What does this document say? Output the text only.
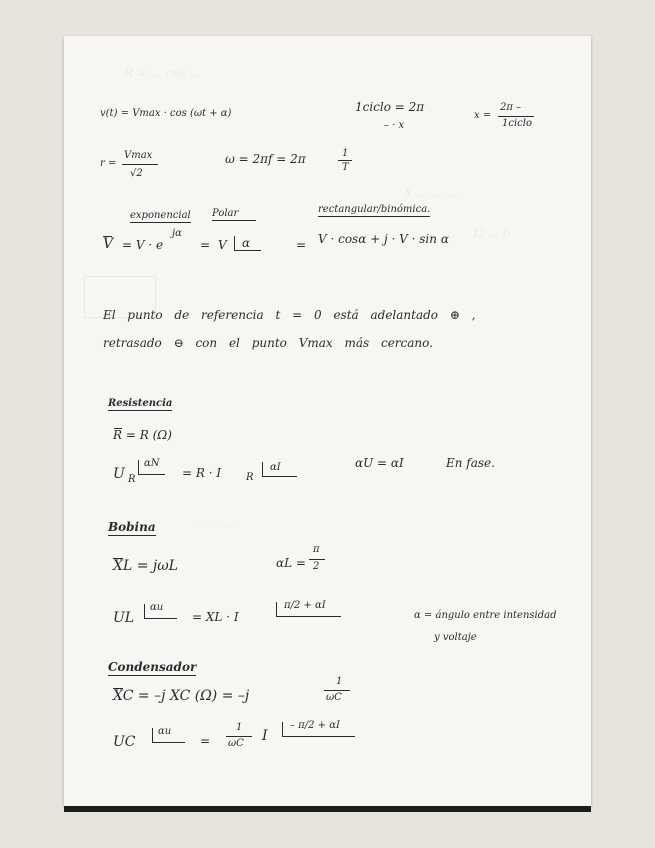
R = ... cos ...
X ... ... ...
Ω ... δ
... ... ...
v(t) = Vmax · cos (ωt + α)	1ciclo = 2π
– · x
x =
2π –
1ciclo
r =
Vmax
√2
ω = 2πf = 2π	1
T
exponencial Polar	rectangular/binómica.
V = V · e
jα
= V α	= V · cosα + j · V · sin α
El punto de referencia t = 0 está adelantado ⊕ ,
retrasado ⊖ con el punto Vmax más cercano.
Resistencia
R = R (Ω)
U R
αN
= R · I R
αI	αU = αI	En fase.
Bobina
XL = jωL	αL =
π
2
UL
αu
= XL · I
π/2 + αI
α = ángulo entre intensidad
y voltaje
Condensador
XC = –j XC (Ω) = –j
1
ωC
UC
αu
=
1
ωC I
– π/2 + αI
